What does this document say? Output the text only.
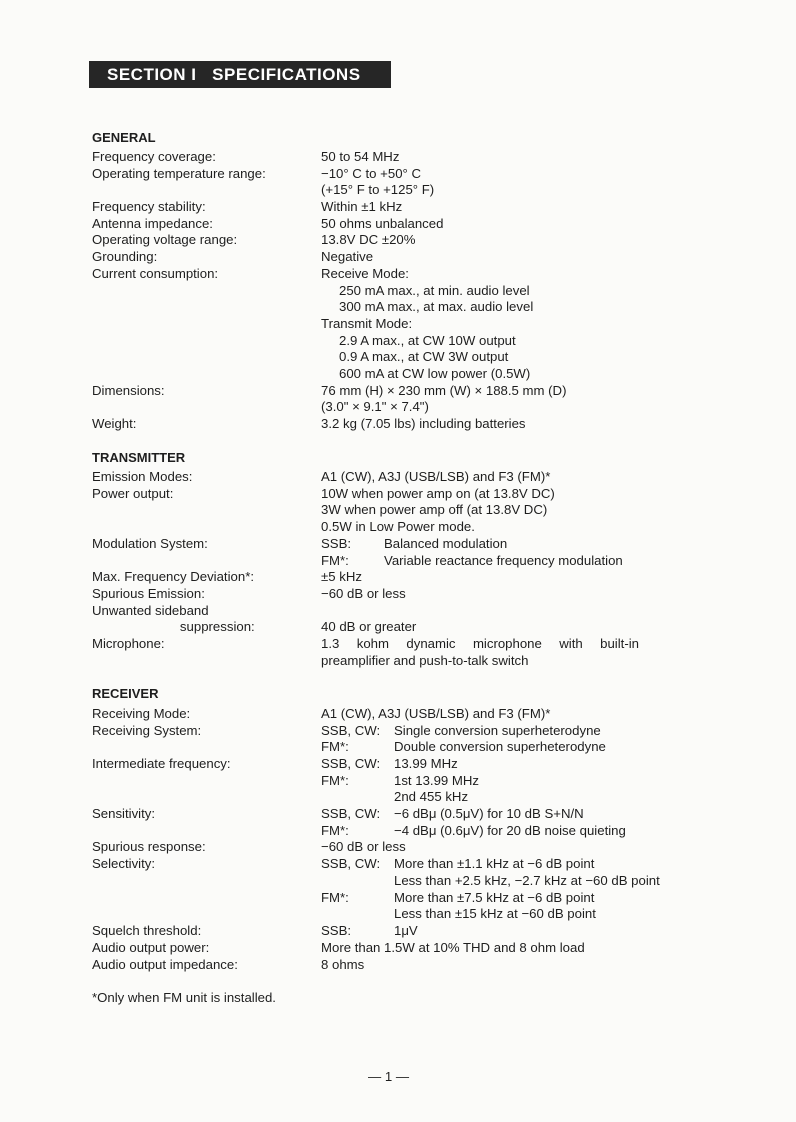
SECTION I   SPECIFICATIONS
GENERAL
Frequency coverage:	50 to 54 MHz
Operating temperature range:	−10° C to +50° C
(+15° F to +125° F)
Frequency stability:	Within ±1 kHz
Antenna impedance:	50 ohms unbalanced
Operating voltage range:	13.8V DC ±20%
Grounding:	Negative
Current consumption:	Receive Mode:
250 mA max., at min. audio level
300 mA max., at max. audio level
Transmit Mode:
2.9 A max., at CW 10W output
0.9 A max., at CW 3W output
600 mA at CW low power (0.5W)
Dimensions:	76 mm (H) × 230 mm (W) × 188.5 mm (D)
(3.0" × 9.1" × 7.4")
Weight:	3.2 kg (7.05 lbs) including batteries
TRANSMITTER
Emission Modes:	A1 (CW), A3J (USB/LSB) and F3 (FM)*
Power output:	10W when power amp on (at 13.8V DC)
3W when power amp off (at 13.8V DC)
0.5W in Low Power mode.
Modulation System:	SSB: Balanced modulation
FM*:	Variable reactance frequency modulation
Max. Frequency Deviation*:	±5 kHz
Spurious Emission:	−60 dB or less
Unwanted sideband
suppression:	40 dB or greater
Microphone:	1.3 kohm dynamic microphone with built-in
preamplifier and push-to-talk switch
RECEIVER
Receiving Mode:	A1 (CW), A3J (USB/LSB) and F3 (FM)*
Receiving System:	SSB, CW: Single conversion superheterodyne
FM*:	Double conversion superheterodyne
Intermediate frequency:	SSB, CW: 13.99 MHz
FM*:	1st 13.99 MHz
2nd 455 kHz
Sensitivity:	SSB, CW: −6 dBμ (0.5μV) for 10 dB S+N/N
FM*:	−4 dBμ (0.6μV) for 20 dB noise quieting
Spurious response:	−60 dB or less
Selectivity:	SSB, CW: More than ±1.1 kHz at −6 dB point
Less than +2.5 kHz, −2.7 kHz at −60 dB point
FM*:	More than ±7.5 kHz at −6 dB point
Less than ±15 kHz at −60 dB point
Squelch threshold:	SSB:	1μV
Audio output power:	More than 1.5W at 10% THD and 8 ohm load
Audio output impedance:	8 ohms
*Only when FM unit is installed.
— 1 —
